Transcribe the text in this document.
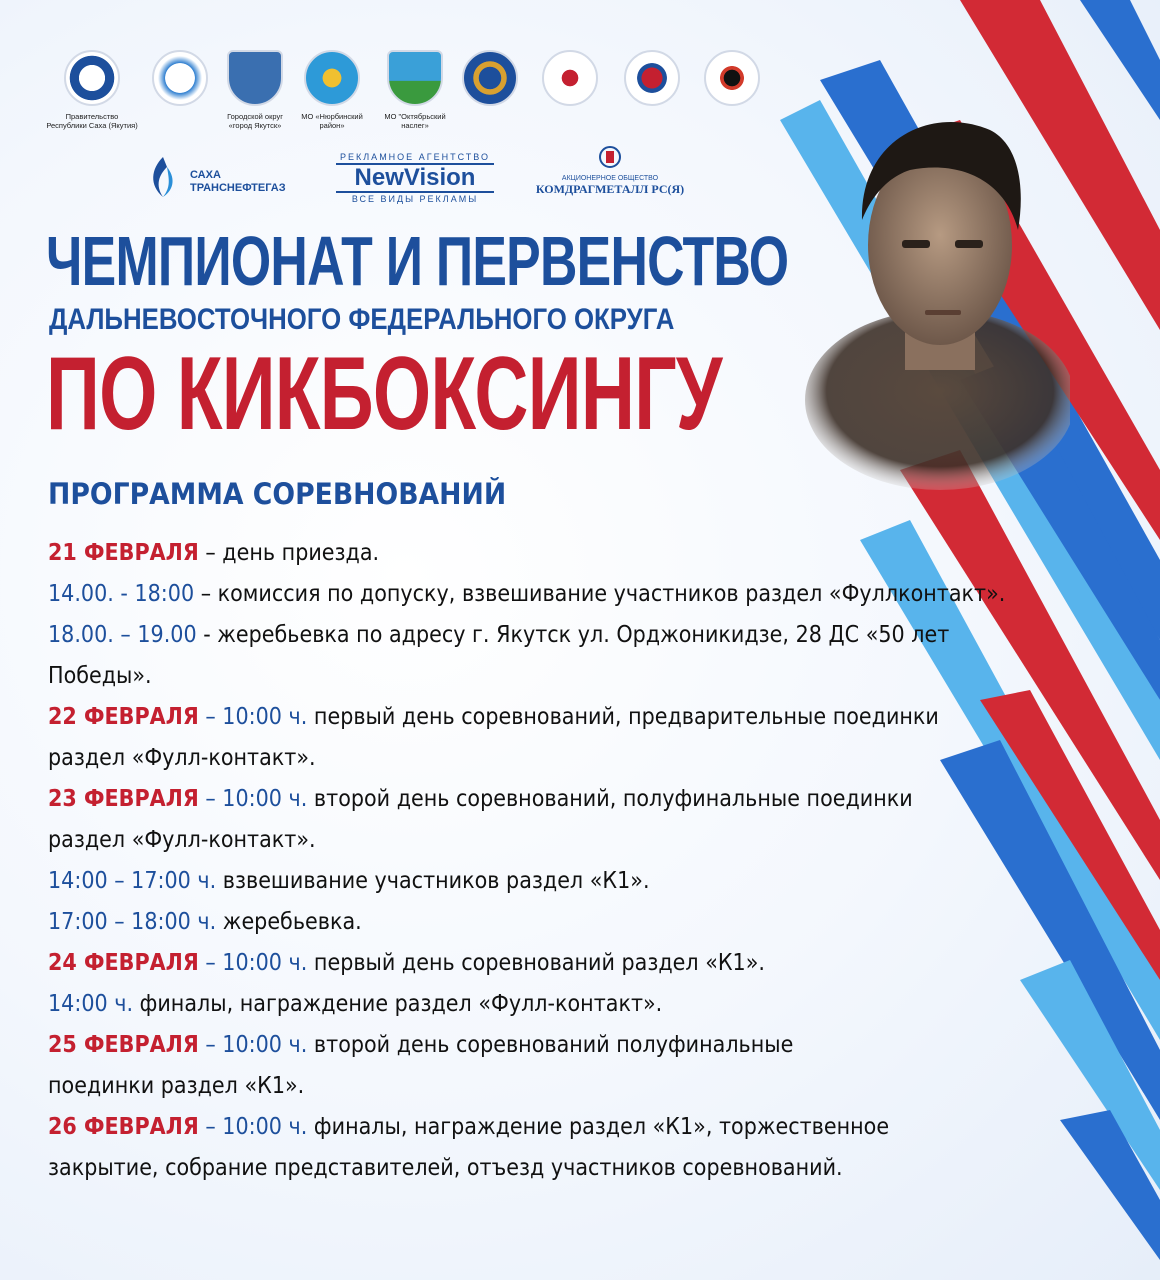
Правительство
Республики Саха (Якутия)
Городской округ
«город Якутск»
МО «Нюрбинский
район»
МО "Октябрьский
наслег»
САХА
ТРАНСНЕФТЕГАЗ
РЕКЛАМНОЕ АГЕНТСТВО
NewVision
ВСЕ ВИДЫ РЕКЛАМЫ
АКЦИОНЕРНОЕ ОБЩЕСТВО
КОМДРАГМЕТАЛЛ РС(Я)
ЧЕМПИОНАТ И ПЕРВЕНСТВО
ДАЛЬНЕВОСТОЧНОГО ФЕДЕРАЛЬНОГО ОКРУГА
ПО КИКБОКСИНГУ
ПРОГРАММА СОРЕВНОВАНИЙ
21 ФЕВРАЛЯ – день приезда.
14.00. - 18:00 – комиссия по допуску, взвешивание участников раздел «Фуллконтакт».
18.00. – 19.00 - жеребьевка по адресу г. Якутск ул. Орджоникидзе, 28 ДС «50 лет
Победы».
22 ФЕВРАЛЯ – 10:00 ч. первый день соревнований, предварительные поединки
раздел «Фулл-контакт».
23 ФЕВРАЛЯ – 10:00 ч. второй день соревнований, полуфинальные поединки
раздел «Фулл-контакт».
14:00 – 17:00 ч. взвешивание участников раздел «К1».
17:00 – 18:00 ч. жеребьевка.
24 ФЕВРАЛЯ – 10:00 ч. первый день соревнований раздел «К1».
14:00 ч. финалы, награждение раздел «Фулл-контакт».
25 ФЕВРАЛЯ – 10:00 ч. второй день соревнований полуфинальные
поединки раздел «К1».
26 ФЕВРАЛЯ – 10:00 ч. финалы, награждение раздел «К1», торжественное
закрытие, собрание представителей, отъезд участников соревнований.
